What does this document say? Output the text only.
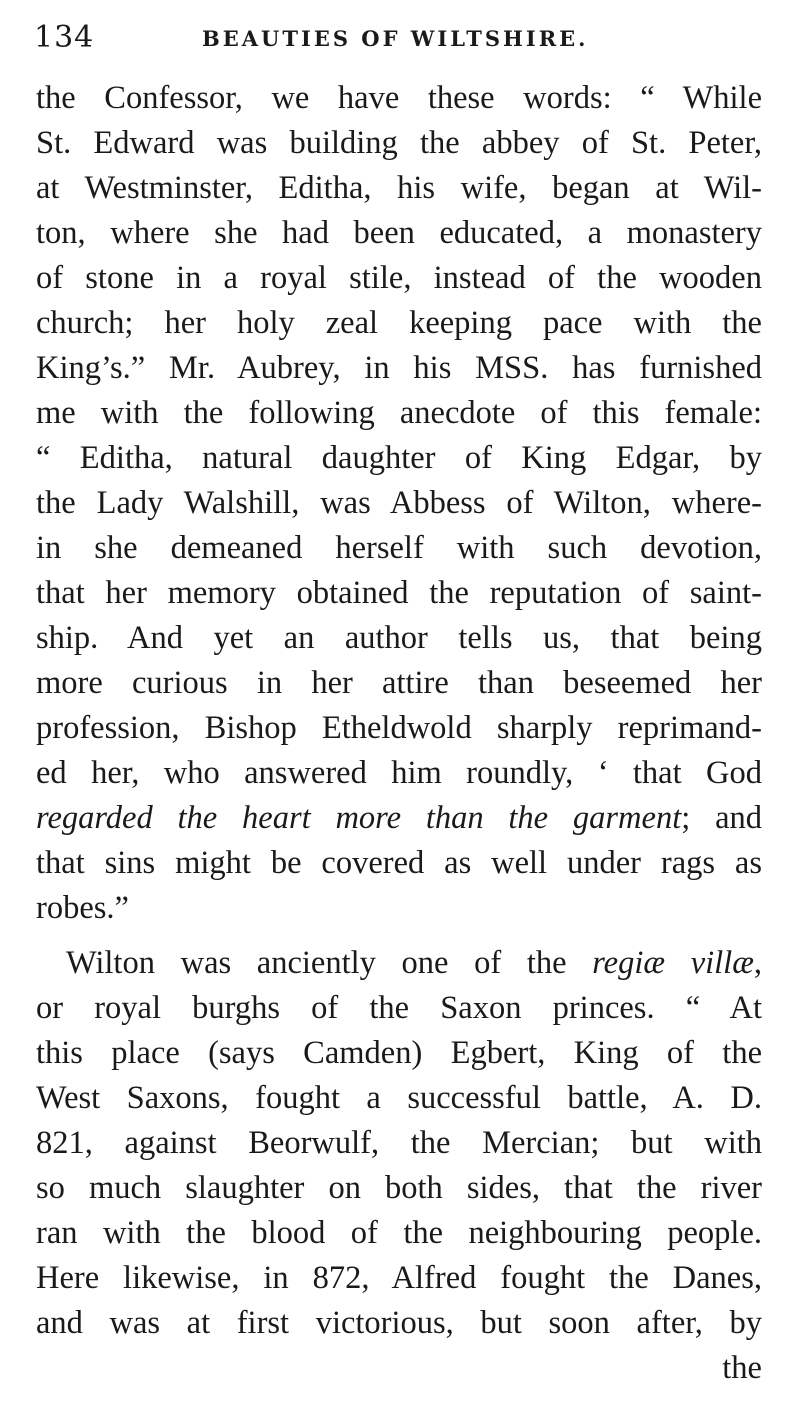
134	BEAUTIES OF WILTSHIRE.
the Confessor, we have these words: “ While
St. Edward was building the abbey of St. Peter,
at Westminster, Editha, his wife, began at Wil-
ton, where she had been educated, a monastery
of stone in a royal stile, instead of the wooden
church; her holy zeal keeping pace with the
King’s.” Mr. Aubrey, in his MSS. has furnished
me with the following anecdote of this female:
“ Editha, natural daughter of King Edgar, by
the Lady Walshill, was Abbess of Wilton, where-
in she demeaned herself with such devotion,
that her memory obtained the reputation of saint-
ship. And yet an author tells us, that being
more curious in her attire than beseemed her
profession, Bishop Etheldwold sharply reprimand-
ed her, who answered him roundly, ‘ that God
regarded the heart more than the garment; and
that sins might be covered as well under rags as
robes.”
Wilton was anciently one of the regiæ villæ,
or royal burghs of the Saxon princes. “ At
this place (says Camden) Egbert, King of the
West Saxons, fought a successful battle, A. D.
821, against Beorwulf, the Mercian; but with
so much slaughter on both sides, that the river
ran with the blood of the neighbouring people.
Here likewise, in 872, Alfred fought the Danes,
and was at first victorious, but soon after, by
the
